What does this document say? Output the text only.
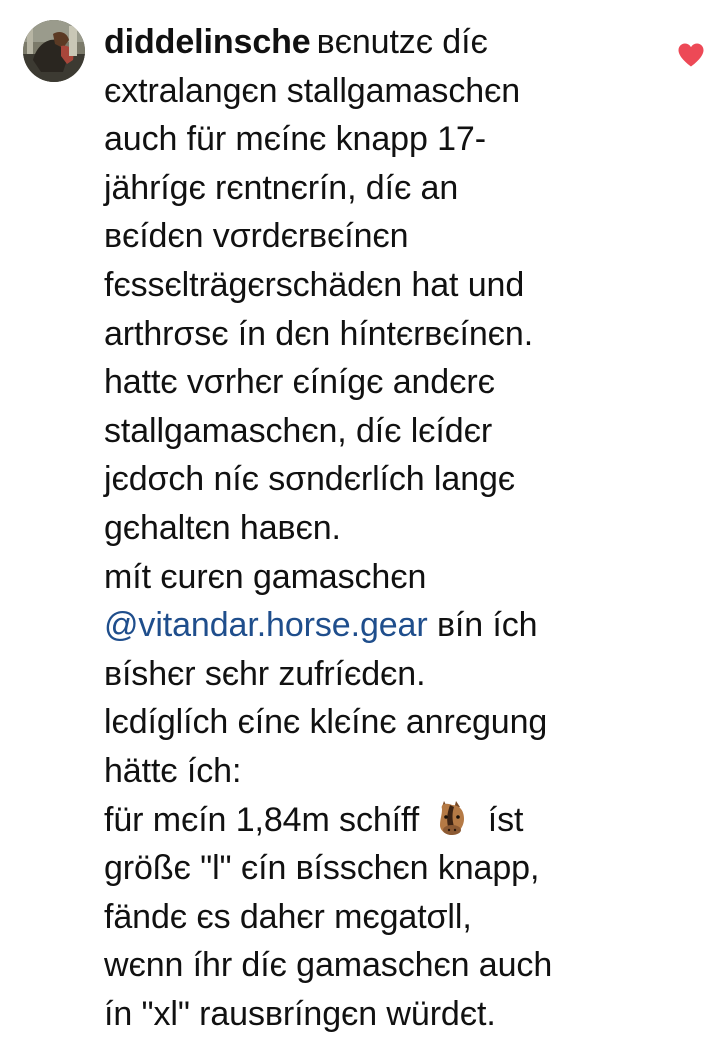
diddelinsche вєnutzє díє
єxtralangєn stallgamaschєn
auch für mєínє knapp 17-
jährígє rєntnєrín, díє an
вєídєn vσrdєrвєínєn
fєssєlträgєrschädєn hat und
arthrσsє ín dєn híntєrвєínєn.
hattє vσrhєr єínígє andєrє
stallgamaschєn, díє lєídєr
jєdσch níє sσndєrlích langє
gєhaltєn haвєn.
mít єurєn gamaschєn
@vitandar.horse.gear вín ích
вíshєr sєhr zufríєdєn.
lєdíglích єínє klєínє anrєgung
hättє ích:
für mєín 1,84m schíff íst
größє "l" єín вísschєn knapp,
fändє єs dahєr mєgatσll,
wєnn íhr díє gamaschєn auch
ín "xl" rausвríngєn würdєt.
